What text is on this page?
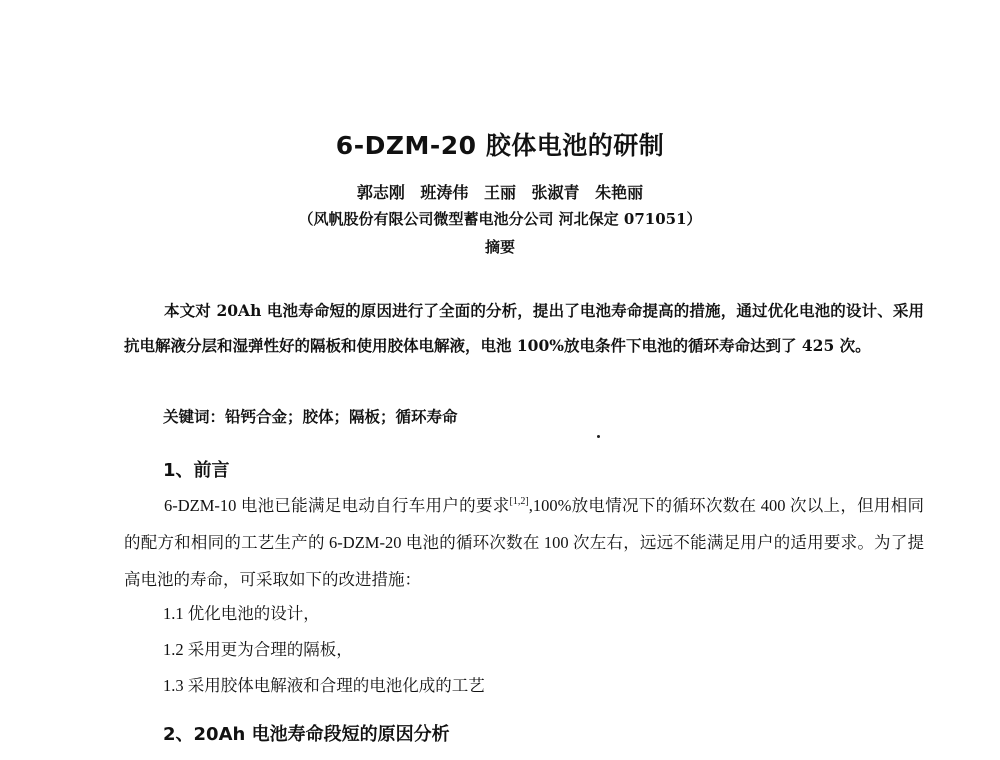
6-DZM-20 胶体电池的研制
郭志刚 班涛伟 王丽 张淑青 朱艳丽
（风帆股份有限公司微型蓄电池分公司 河北保定 071051）
摘要

本文对 20Ah 电池寿命短的原因进行了全面的分析，提出了电池寿命提高的措施，通过优化电池的设计、采用抗电解液分层和湿弹性好的隔板和使用胶体电解液，电池 100%放电条件下电池的循环寿命达到了 425 次。

关键词：铅钙合金；胶体；隔板；循环寿命
1、前言

6-DZM-10 电池已能满足电动自行车用户的要求[1,2],100%放电情况下的循环次数在 400 次以上，但用相同的配方和相同的工艺生产的 6-DZM-20 电池的循环次数在 100 次左右，远远不能满足用户的适用要求。为了提高电池的寿命，可采取如下的改进措施：

1.1 优化电池的设计，
1.2 采用更为合理的隔板，
1.3 采用胶体电解液和合理的电池化成的工艺
2、20Ah 电池寿命段短的原因分析
